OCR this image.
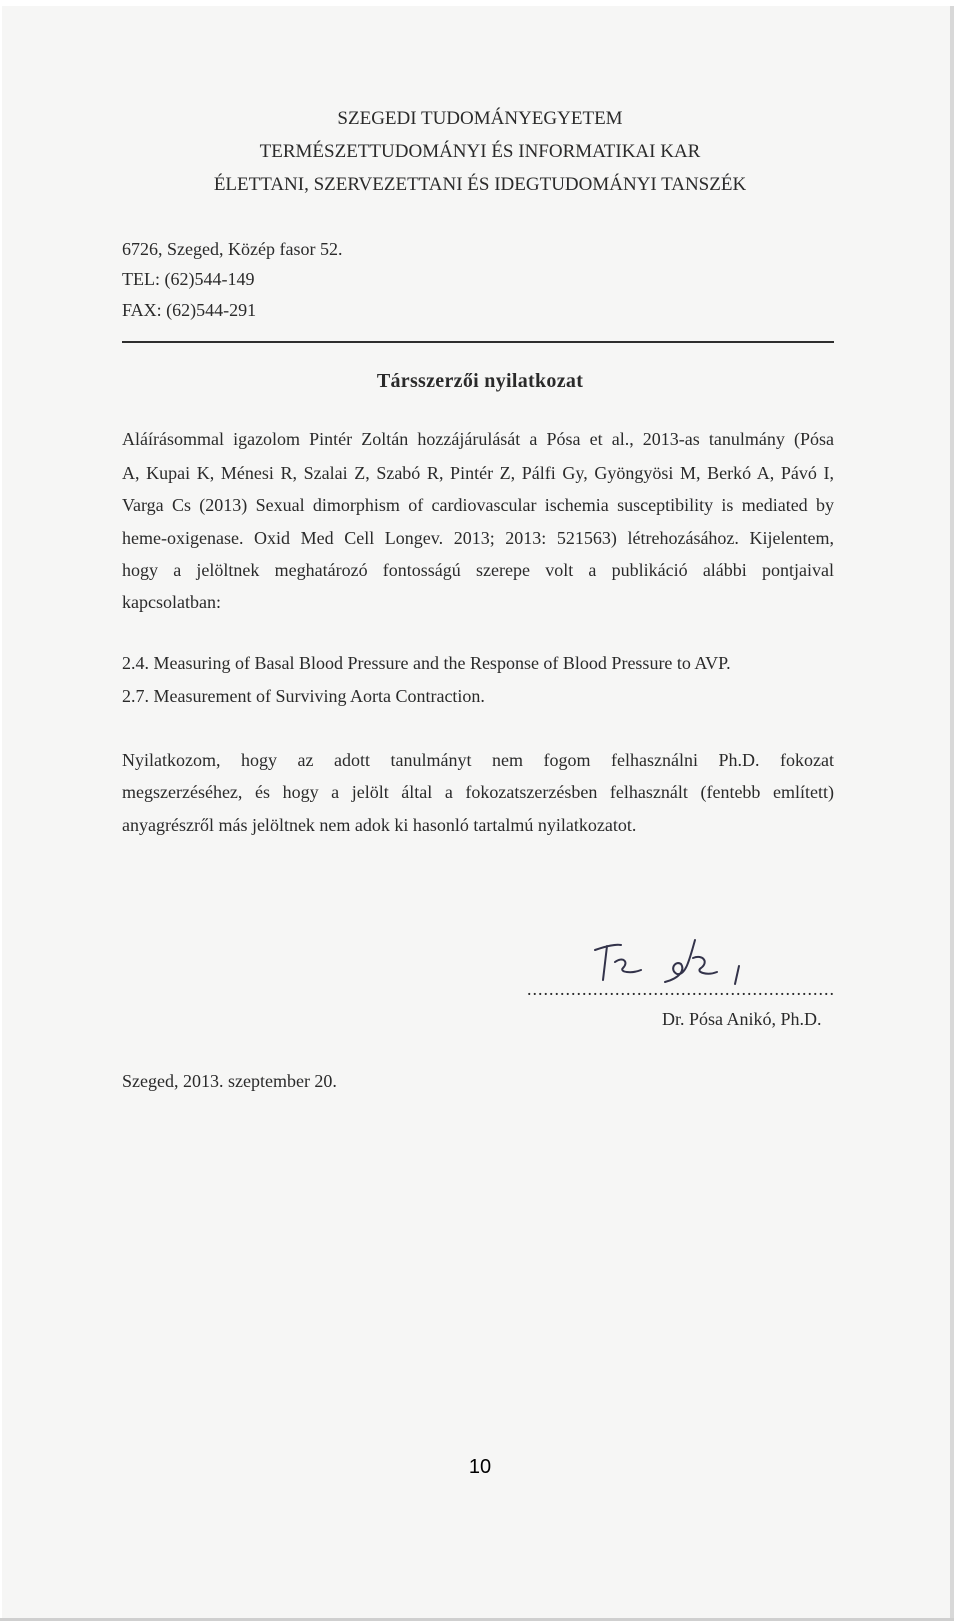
SZEGEDI TUDOMÁNYEGYETEM
TERMÉSZETTUDOMÁNYI ÉS INFORMATIKAI KAR
ÉLETTANI, SZERVEZETTANI ÉS IDEGTUDOMÁNYI TANSZÉK
6726, Szeged, Közép fasor 52.
TEL: (62)544-149
FAX: (62)544-291
Társszerzői nyilatkozat
Aláírásommal igazolom Pintér Zoltán hozzájárulását a Pósa et al., 2013-as tanulmány (Pósa
A, Kupai K, Ménesi R, Szalai Z, Szabó R, Pintér Z, Pálfi Gy, Gyöngyösi M, Berkó A, Pávó I,
Varga Cs (2013) Sexual dimorphism of cardiovascular ischemia susceptibility is mediated by
heme-oxigenase. Oxid Med Cell Longev. 2013; 2013: 521563) létrehozásához. Kijelentem,
hogy a jelöltnek meghatározó fontosságú szerepe volt a publikáció alábbi pontjaival
kapcsolatban:
2.4. Measuring of Basal Blood Pressure and the Response of Blood Pressure to AVP.
2.7. Measurement of Surviving Aorta Contraction.
Nyilatkozom, hogy az adott tanulmányt nem fogom felhasználni Ph.D. fokozat
megszerzéséhez, és hogy a jelölt által a fokozatszerzésben felhasznált (fentebb említett)
anyagrészről más jelöltnek nem adok ki hasonló tartalmú nyilatkozatot.
........................................................
Dr. Pósa Anikó, Ph.D.
Szeged, 2013. szeptember 20.
10
